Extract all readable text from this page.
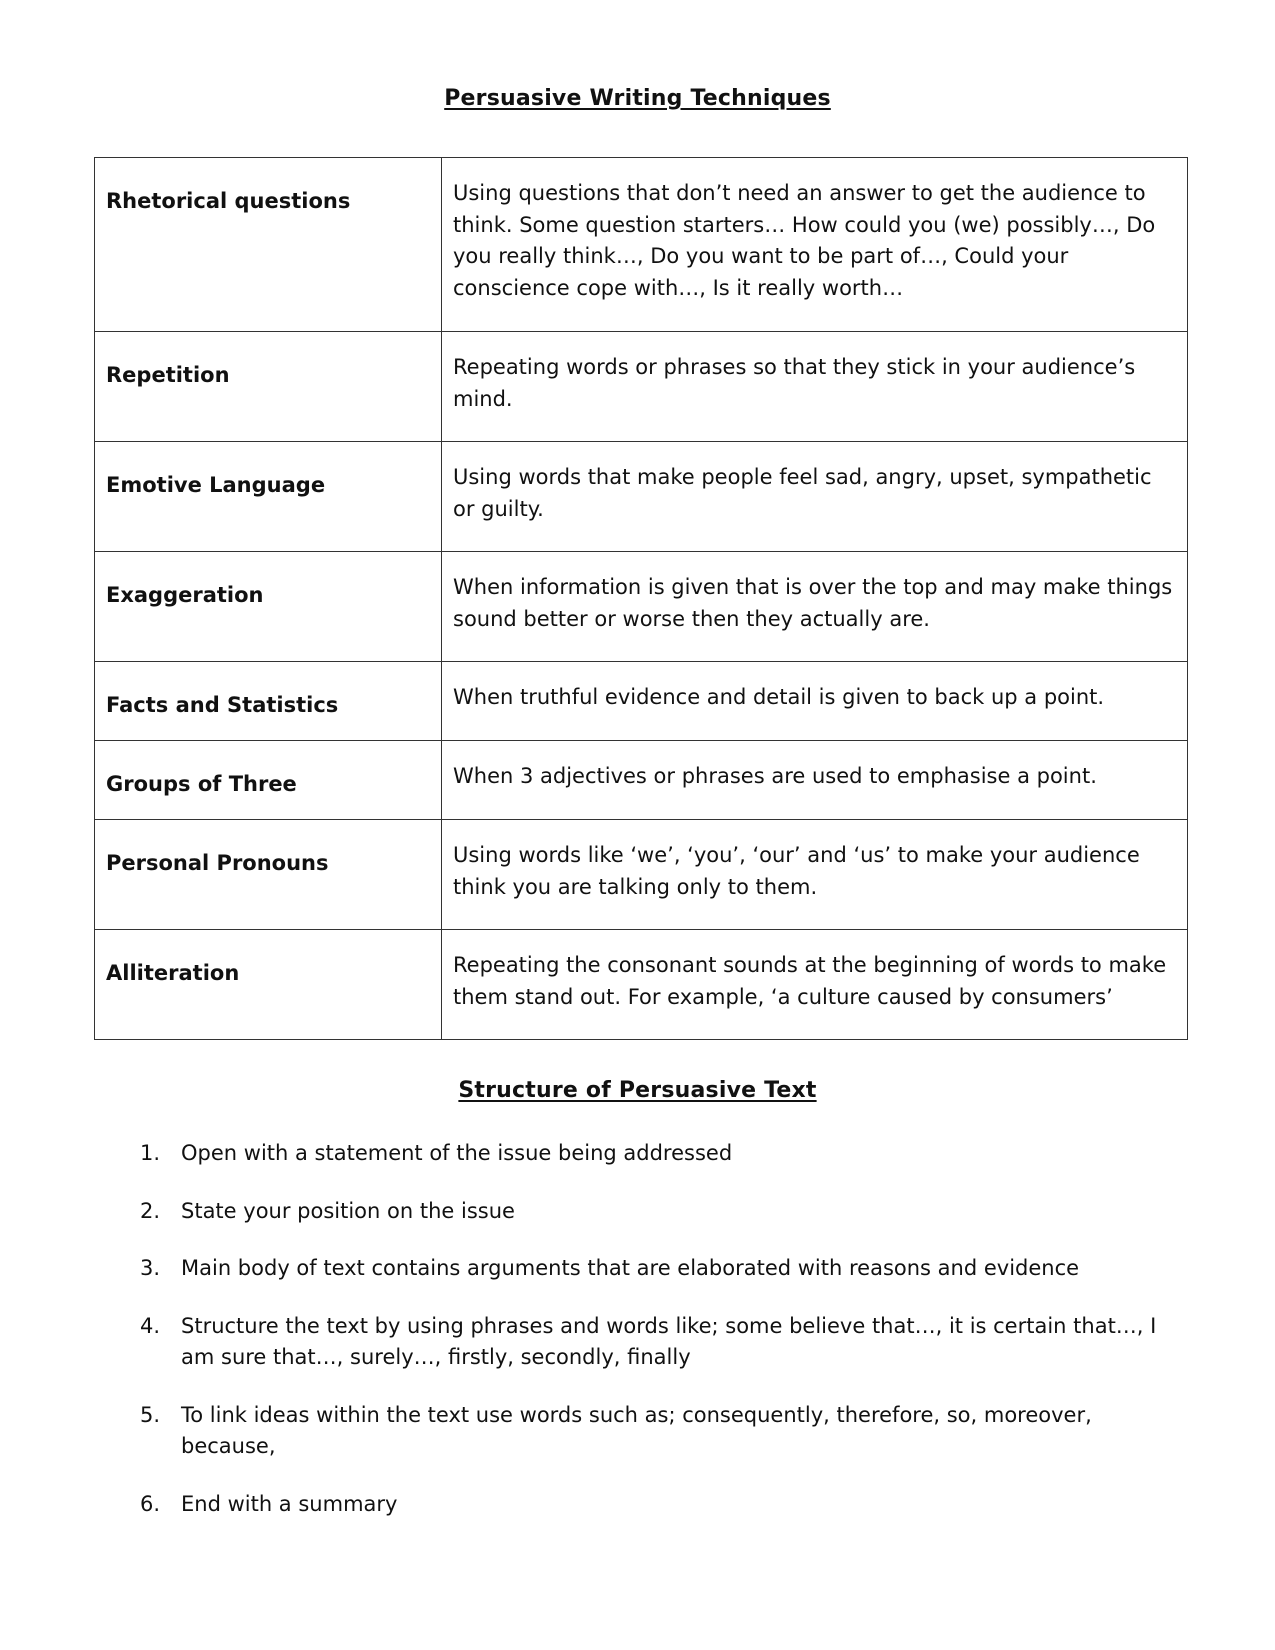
Persuasive Writing Techniques
Rhetorical questions	Using questions that don’t need an answer to get the audience to think. Some question starters… How could you (we) possibly…, Do you really think…, Do you want to be part of…, Could your conscience cope with…, Is it really worth…

Repetition	Repeating words or phrases so that they stick in your audience’s mind.

Emotive Language	Using words that make people feel sad, angry, upset, sympathetic or guilty.

Exaggeration	When information is given that is over the top and may make things sound better or worse then they actually are.

Facts and Statistics	When truthful evidence and detail is given to back up a point.

Groups of Three	When 3 adjectives or phrases are used to emphasise a point.

Personal Pronouns	Using words like ‘we’, ‘you’, ‘our’ and ‘us’ to make your audience think you are talking only to them.

Alliteration	Repeating the consonant sounds at the beginning of words to make them stand out. For example, ‘a culture caused by consumers’
Structure of Persuasive Text
1. Open with a statement of the issue being addressed
2. State your position on the issue
3. Main body of text contains arguments that are elaborated with reasons and evidence
4. Structure the text by using phrases and words like; some believe that…, it is certain that…, I am sure that…, surely…, firstly, secondly, finally
5. To link ideas within the text use words such as; consequently, therefore, so, moreover, because,
6. End with a summary
